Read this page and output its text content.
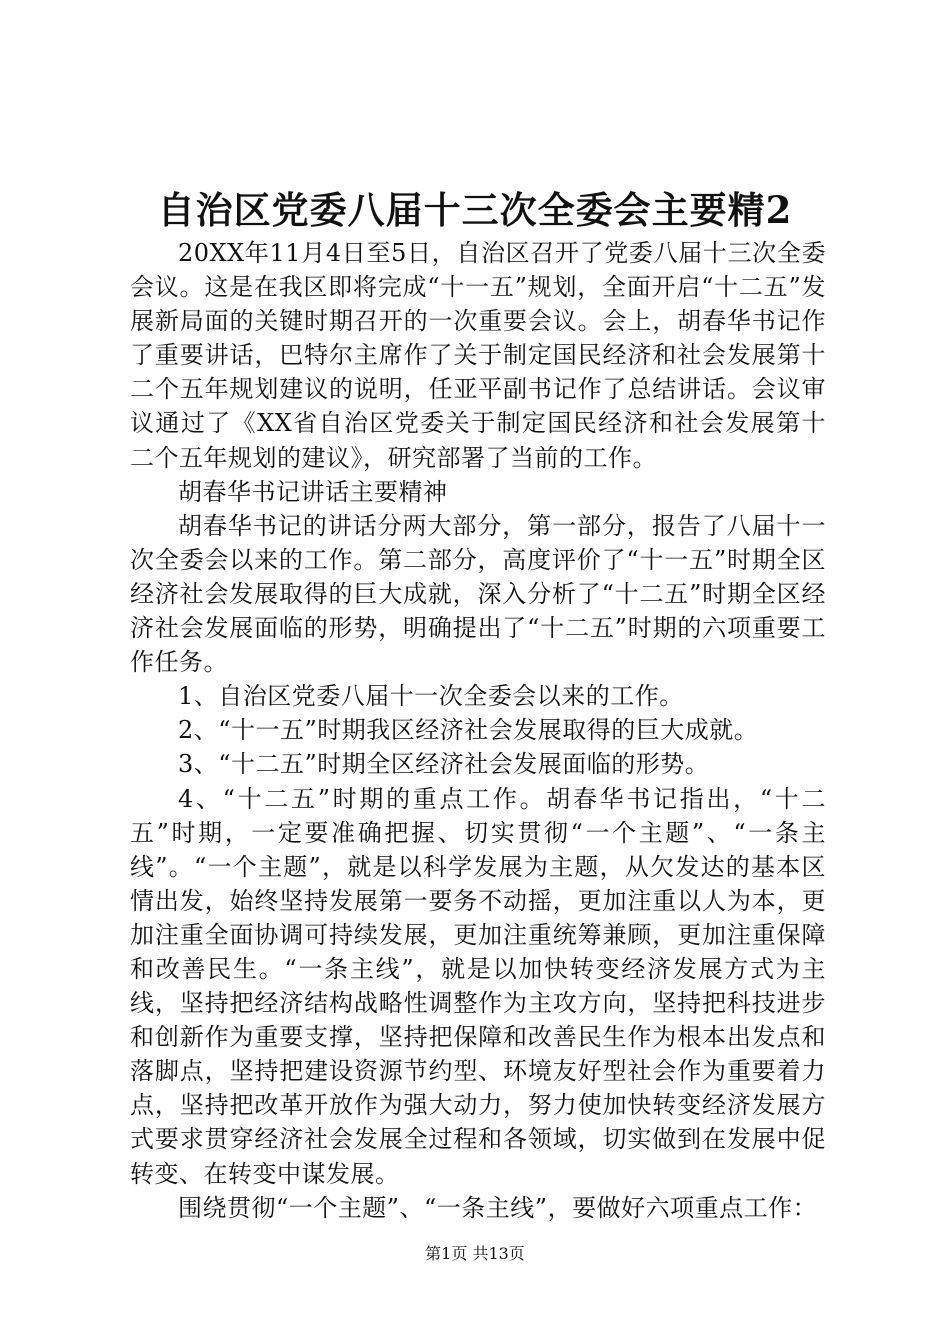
自治区党委八届十三次全委会主要精2

20XX年11月4日至5日，自治区召开了党委八届十三次全委会议。这是在我区即将完成“十一五”规划，全面开启“十二五”发展新局面的关键时期召开的一次重要会议。会上，胡春华书记作了重要讲话，巴特尔主席作了关于制定国民经济和社会发展第十二个五年规划建议的说明，任亚平副书记作了总结讲话。会议审议通过了《XX省自治区党委关于制定国民经济和社会发展第十二个五年规划的建议》，研究部署了当前的工作。

胡春华书记讲话主要精神

胡春华书记的讲话分两大部分，第一部分，报告了八届十一次全委会以来的工作。第二部分，高度评价了“十一五”时期全区经济社会发展取得的巨大成就，深入分析了“十二五”时期全区经济社会发展面临的形势，明确提出了“十二五”时期的六项重要工作任务。

1、自治区党委八届十一次全委会以来的工作。

2、“十一五”时期我区经济社会发展取得的巨大成就。

3、“十二五”时期全区经济社会发展面临的形势。

4、“十二五”时期的重点工作。胡春华书记指出，“十二五”时期，一定要准确把握、切实贯彻“一个主题”、“一条主线”。“一个主题”，就是以科学发展为主题，从欠发达的基本区情出发，始终坚持发展第一要务不动摇，更加注重以人为本，更加注重全面协调可持续发展，更加注重统筹兼顾，更加注重保障和改善民生。“一条主线”，就是以加快转变经济发展方式为主线，坚持把经济结构战略性调整作为主攻方向，坚持把科技进步和创新作为重要支撑，坚持把保障和改善民生作为根本出发点和落脚点，坚持把建设资源节约型、环境友好型社会作为重要着力点，坚持把改革开放作为强大动力，努力使加快转变经济发展方式要求贯穿经济社会发展全过程和各领域，切实做到在发展中促转变、在转变中谋发展。

围绕贯彻“一个主题”、“一条主线”，要做好六项重点工作：

第1页 共13页
